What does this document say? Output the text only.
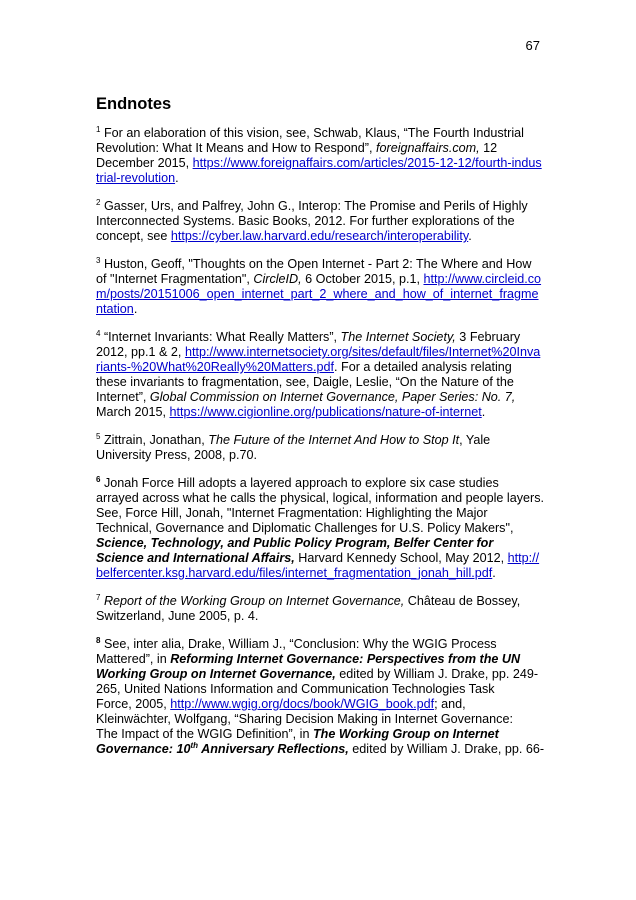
67
Endnotes

$^1$ For an elaboration of this vision, see, Schwab, Klaus, “The Fourth Industrial Revolution: What It Means and How to Respond”, foreignaffairs.com, 12 December 2015, https://www.foreignaffairs.com/articles/2015-12-12/fourth-industrial-revolution.

$^2$ Gasser, Urs, and Palfrey, John G., Interop: The Promise and Perils of Highly Interconnected Systems. Basic Books, 2012. For further explorations of the concept, see https://cyber.law.harvard.edu/research/interoperability.

$^3$ Huston, Geoff, "Thoughts on the Open Internet - Part 2: The Where and How of "Internet Fragmentation", CircleID, 6 October 2015, p.1, http://www.circleid.com/posts/20151006_open_internet_part_2_where_and_how_of_internet_fragmentation.

$^4$ “Internet Invariants: What Really Matters”, The Internet Society, 3 February 2012, pp.1 & 2, http://www.internetsociety.org/sites/default/files/Internet%20Invariants-%20What%20Really%20Matters.pdf. For a detailed analysis relating these invariants to fragmentation, see, Daigle, Leslie, “On the Nature of the Internet”, Global Commission on Internet Governance, Paper Series: No. 7, March 2015, https://www.cigionline.org/publications/nature-of-internet.

$^5$ Zittrain, Jonathan, The Future of the Internet And How to Stop It, Yale University Press, 2008, p.70.

$^6$ Jonah Force Hill adopts a layered approach to explore six case studies arrayed across what he calls the physical, logical, information and people layers. See, Force Hill, Jonah, "Internet Fragmentation: Highlighting the Major Technical, Governance and Diplomatic Challenges for U.S. Policy Makers", Science, Technology, and Public Policy Program, Belfer Center for Science and International Affairs, Harvard Kennedy School, May 2012, http://belfercenter.ksg.harvard.edu/files/internet_fragmentation_jonah_hill.pdf.

$^7$ Report of the Working Group on Internet Governance, Château de Bossey, Switzerland, June 2005, p. 4.

$^8$ See, inter alia, Drake, William J., “Conclusion: Why the WGIG Process
Mattered”, in Reforming Internet Governance: Perspectives from the UN
Working Group on Internet Governance, edited by William J. Drake, pp. 249-
265, United Nations Information and Communication Technologies Task
Force, 2005, http://www.wgig.org/docs/book/WGIG_book.pdf; and,
Kleinwächter, Wolfgang, “Sharing Decision Making in Internet Governance:
The Impact of the WGIG Definition”, in The Working Group on Internet
Governance: 10th Anniversary Reflections, edited by William J. Drake, pp. 66-
